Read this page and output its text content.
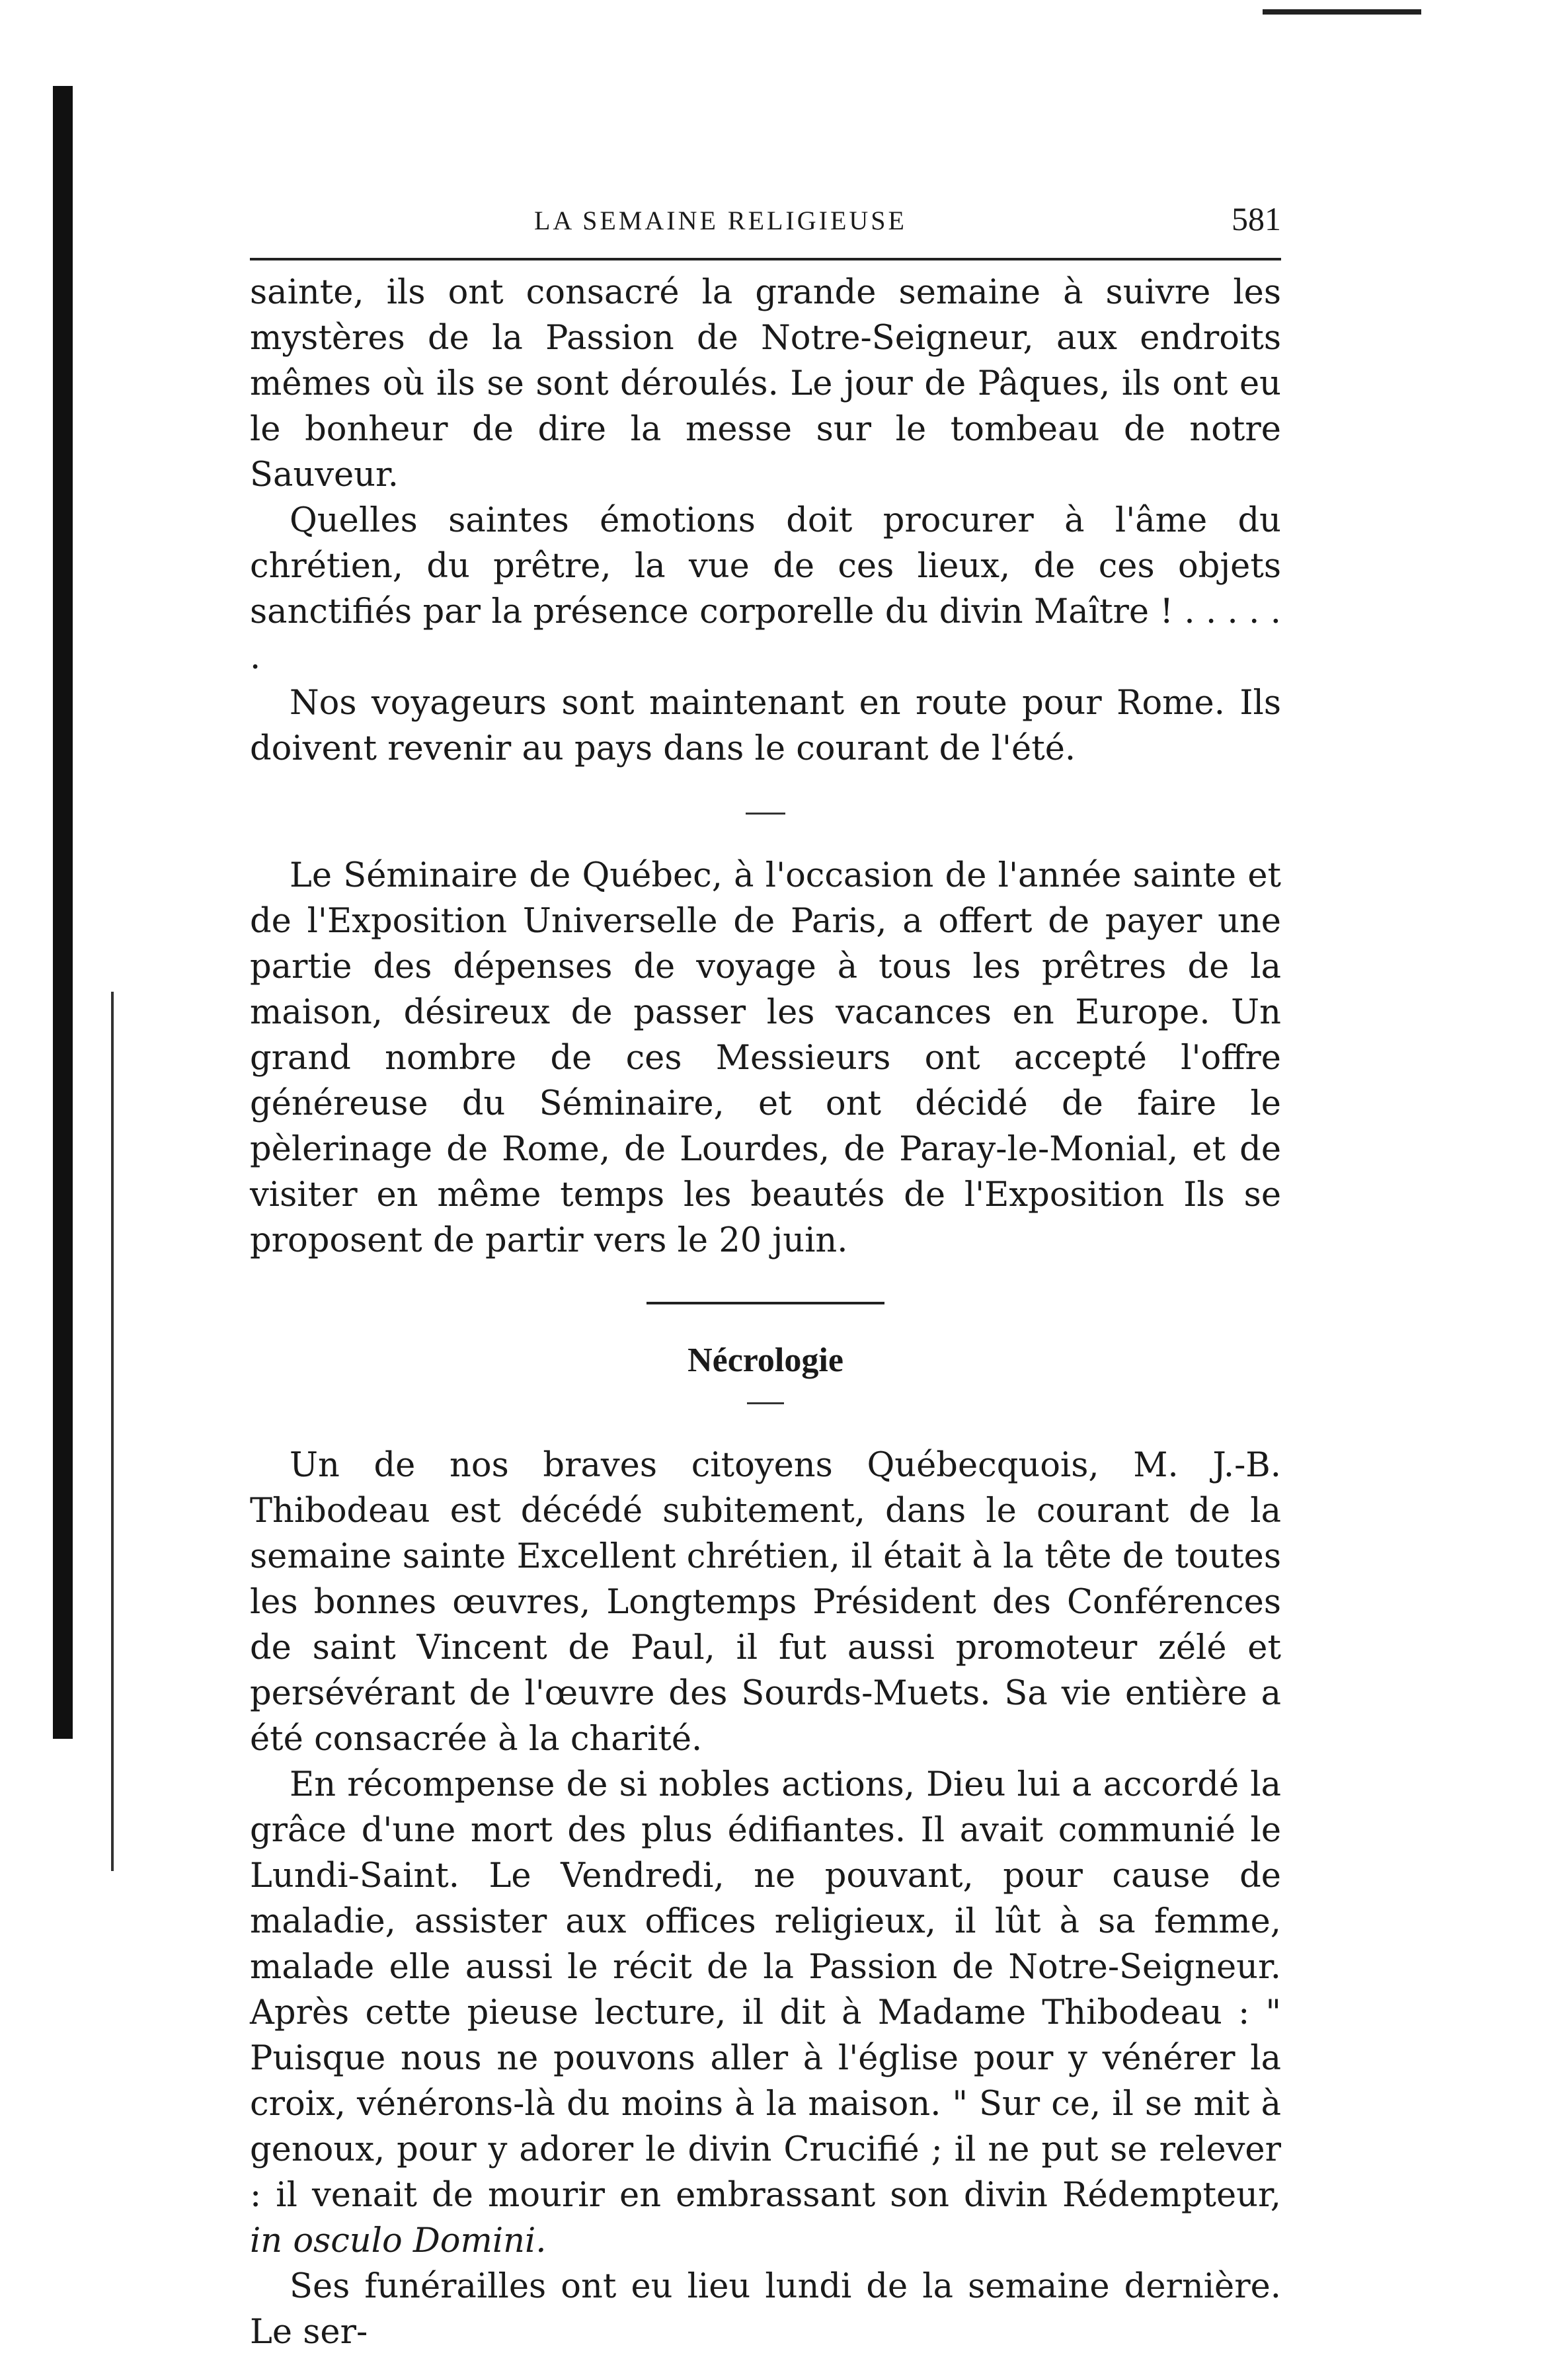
LA SEMAINE RELIGIEUSE	581

sainte, ils ont consacré la grande semaine à suivre les mystères de la Passion de Notre-Seigneur, aux endroits mêmes où ils se sont déroulés. Le jour de Pâques, ils ont eu le bonheur de dire la messe sur le tombeau de notre Sauveur.

Quelles saintes émotions doit procurer à l'âme du chrétien, du prêtre, la vue de ces lieux, de ces objets sanctifiés par la présence corporelle du divin Maître ! . . . . . .

Nos voyageurs sont maintenant en route pour Rome. Ils doivent revenir au pays dans le courant de l'été.

Le Séminaire de Québec, à l'occasion de l'année sainte et de l'Exposition Universelle de Paris, a offert de payer une partie des dépenses de voyage à tous les prêtres de la maison, désireux de passer les vacances en Europe. Un grand nombre de ces Messieurs ont accepté l'offre généreuse du Séminaire, et ont décidé de faire le pèlerinage de Rome, de Lourdes, de Paray-le-Monial, et de visiter en même temps les beautés de l'Exposition Ils se proposent de partir vers le 20 juin.

Nécrologie

Un de nos braves citoyens Québecquois, M. J.-B. Thibodeau est décédé subitement, dans le courant de la semaine sainte Excellent chrétien, il était à la tête de toutes les bonnes œuvres, Longtemps Président des Conférences de saint Vincent de Paul, il fut aussi promoteur zélé et persévérant de l'œuvre des Sourds-Muets. Sa vie entière a été consacrée à la charité.

En récompense de si nobles actions, Dieu lui a accordé la grâce d'une mort des plus édifiantes. Il avait communié le Lundi-Saint. Le Vendredi, ne pouvant, pour cause de maladie, assister aux offices religieux, il lût à sa femme, malade elle aussi le récit de la Passion de Notre-Seigneur. Après cette pieuse lecture, il dit à Madame Thibodeau : " Puisque nous ne pouvons aller à l'église pour y vénérer la croix, vénérons-là du moins à la maison. " Sur ce, il se mit à genoux, pour y adorer le divin Crucifié ; il ne put se relever : il venait de mourir en embrassant son divin Rédempteur, in osculo Domini.

Ses funérailles ont eu lieu lundi de la semaine dernière. Le ser-
